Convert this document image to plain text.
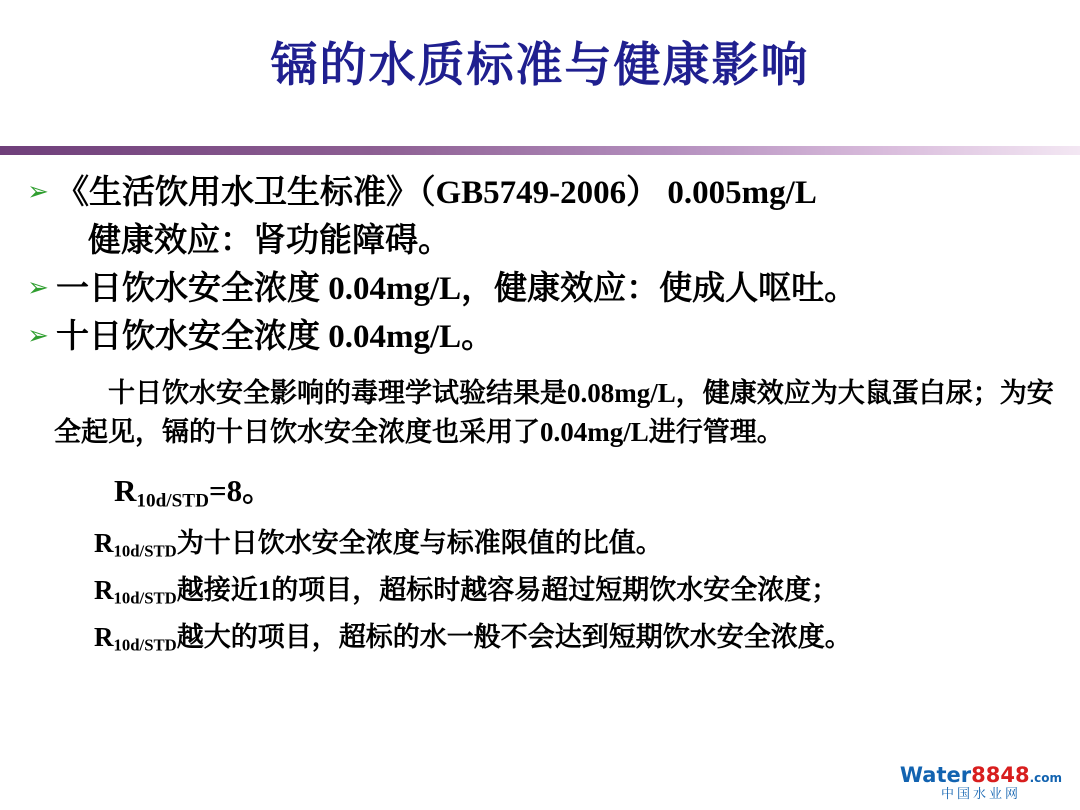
镉的水质标准与健康影响
➢ 《生活饮用水卫生标准》（GB5749-2006） 0.005mg/L
健康效应：肾功能障碍。
➢ 一日饮水安全浓度 0.04mg/L，健康效应：使成人呕吐。
➢ 十日饮水安全浓度 0.04mg/L。
十日饮水安全影响的毒理学试验结果是0.08mg/L，健康效应为大鼠蛋白尿；为安全起见，镉的十日饮水安全浓度也采用了0.04mg/L进行管理。
$R_{10d/STD}=8$。
$R_{10d/STD}$为十日饮水安全浓度与标准限值的比值。
$R_{10d/STD}$越接近1的项目，超标时越容易超过短期饮水安全浓度；
$R_{10d/STD}$越大的项目，超标的水一般不会达到短期饮水安全浓度。
Water8848.com
中国水业网
